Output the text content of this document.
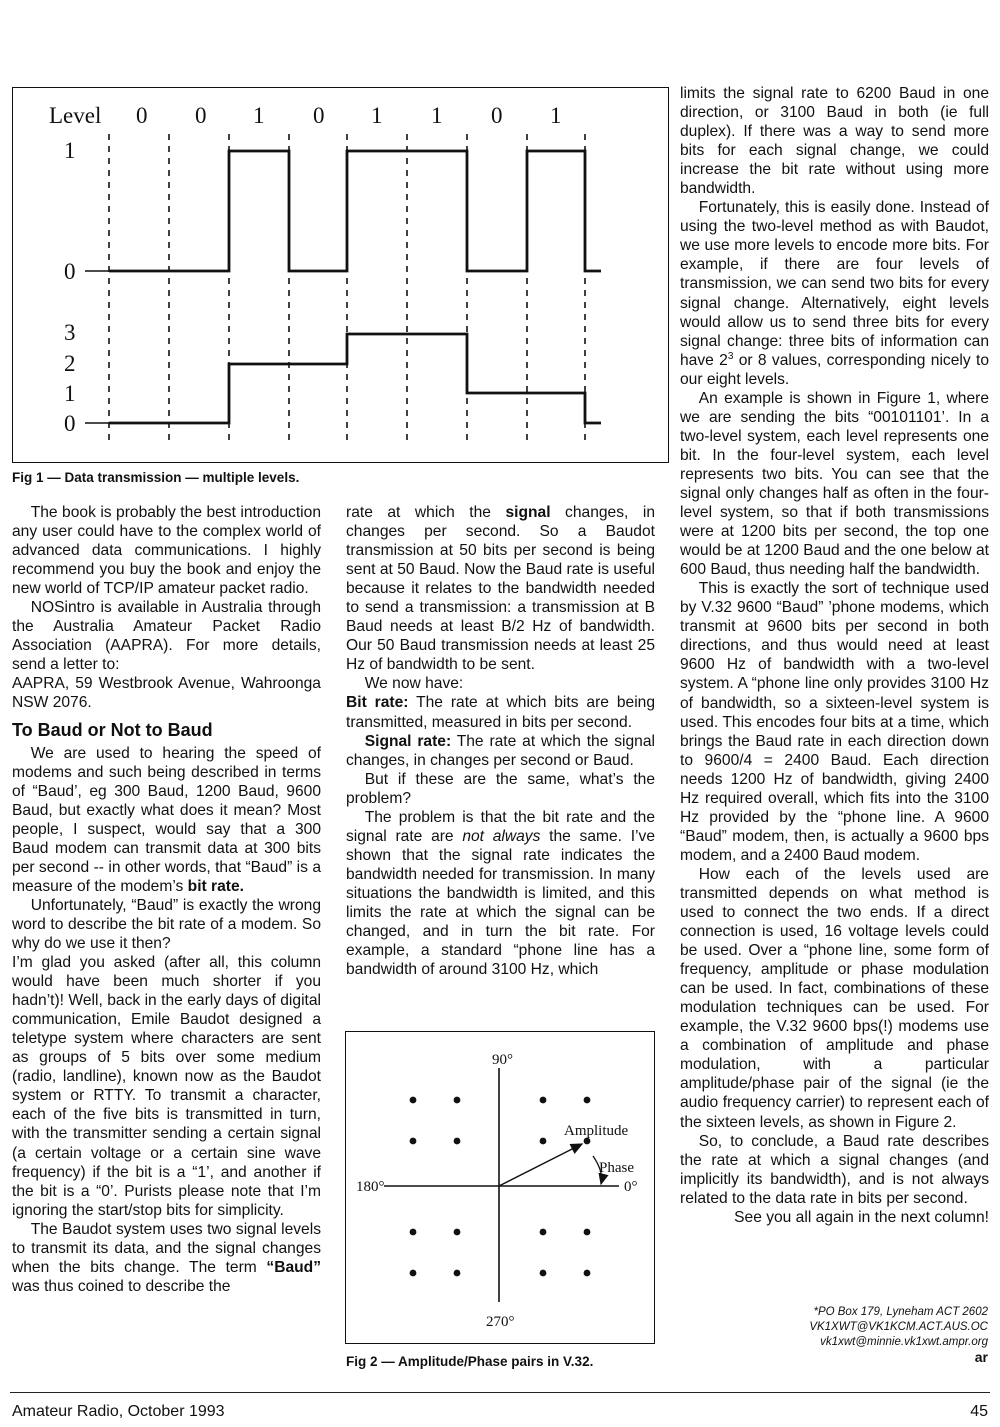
Level 0 0 1 0 1 1 0 1
1
0
3
2
1
0
Fig 1 — Data transmission — multiple levels.

The book is probably the best introduction any user could have to the complex world of advanced data communications. I highly recommend you buy the book and enjoy the new world of TCP/IP amateur packet radio.

NOSintro is available in Australia through the Australia Amateur Packet Radio Association (AAPRA). For more details, send a letter to:

AAPRA, 59 Westbrook Avenue, Wahroonga NSW 2076.

To Baud or Not to Baud

We are used to hearing the speed of modems and such being described in terms of “Baud’, eg 300 Baud, 1200 Baud, 9600 Baud, but exactly what does it mean? Most people, I suspect, would say that a 300 Baud modem can transmit data at 300 bits per second -- in other words, that “Baud” is a measure of the modem’s bit rate.

Unfortunately, “Baud” is exactly the wrong word to describe the bit rate of a modem. So why do we use it then?

I’m glad you asked (after all, this column would have been much shorter if you hadn’t)! Well, back in the early days of digital communication, Emile Baudot designed a teletype system where characters are sent as groups of 5 bits over some medium (radio, landline), known now as the Baudot system or RTTY. To transmit a character, each of the five bits is transmitted in turn, with the transmitter sending a certain signal (a certain voltage or a certain sine wave frequency) if the bit is a “1’, and another if the bit is a “0’. Purists please note that I’m ignoring the start/stop bits for simplicity.

The Baudot system uses two signal levels to transmit its data, and the signal changes when the bits change. The term “Baud” was thus coined to describe the

rate at which the signal changes, in changes per second. So a Baudot transmission at 50 bits per second is being sent at 50 Baud. Now the Baud rate is useful because it relates to the bandwidth needed to send a transmission: a transmission at B Baud needs at least B/2 Hz of bandwidth. Our 50 Baud transmission needs at least 25 Hz of bandwidth to be sent.

We now have:

Bit rate: The rate at which bits are being transmitted, measured in bits per second.

Signal rate: The rate at which the signal changes, in changes per second or Baud.

But if these are the same, what’s the problem?

The problem is that the bit rate and the signal rate are not always the same. I’ve shown that the signal rate indicates the bandwidth needed for transmission. In many situations the bandwidth is limited, and this limits the rate at which the signal can be changed, and in turn the bit rate. For example, a standard “phone line has a bandwidth of around 3100 Hz, which

90°
180°	0°
270°
Amplitude
Phase
Fig 2 — Amplitude/Phase pairs in V.32.

limits the signal rate to 6200 Baud in one direction, or 3100 Baud in both (ie full duplex). If there was a way to send more bits for each signal change, we could increase the bit rate without using more bandwidth.

Fortunately, this is easily done. Instead of using the two-level method as with Baudot, we use more levels to encode more bits. For example, if there are four levels of transmission, we can send two bits for every signal change. Alternatively, eight levels would allow us to send three bits for every signal change: three bits of information can have $2^3$ or 8 values, corresponding nicely to our eight levels.

An example is shown in Figure 1, where we are sending the bits “00101101’. In a two-level system, each level represents one bit. In the four-level system, each level represents two bits. You can see that the signal only changes half as often in the four-level system, so that if both transmissions were at 1200 bits per second, the top one would be at 1200 Baud and the one below at 600 Baud, thus needing half the bandwidth.

This is exactly the sort of technique used by V.32 9600 “Baud” ’phone modems, which transmit at 9600 bits per second in both directions, and thus would need at least 9600 Hz of bandwidth with a two-level system. A “phone line only provides 3100 Hz of bandwidth, so a sixteen-level system is used. This encodes four bits at a time, which brings the Baud rate in each direction down to 9600/4 = 2400 Baud. Each direction needs 1200 Hz of bandwidth, giving 2400 Hz required overall, which fits into the 3100 Hz provided by the “phone line. A 9600 “Baud” modem, then, is actually a 9600 bps modem, and a 2400 Baud modem.

How each of the levels used are transmitted depends on what method is used to connect the two ends. If a direct connection is used, 16 voltage levels could be used. Over a “phone line, some form of frequency, amplitude or phase modulation can be used. In fact, combinations of these modulation techniques can be used. For example, the V.32 9600 bps(!) modems use a combination of amplitude and phase modulation, with a particular amplitude/phase pair of the signal (ie the audio frequency carrier) to represent each of the sixteen levels, as shown in Figure 2.

So, to conclude, a Baud rate describes the rate at which a signal changes (and implicitly its bandwidth), and is not always related to the data rate in bits per second.

See you all again in the next column!

*PO Box 179, Lyneham ACT 2602
VK1XWT@VK1KCM.ACT.AUS.OC
vk1xwt@minnie.vk1xwt.ampr.org
ar
Amateur Radio, October 1993	45
